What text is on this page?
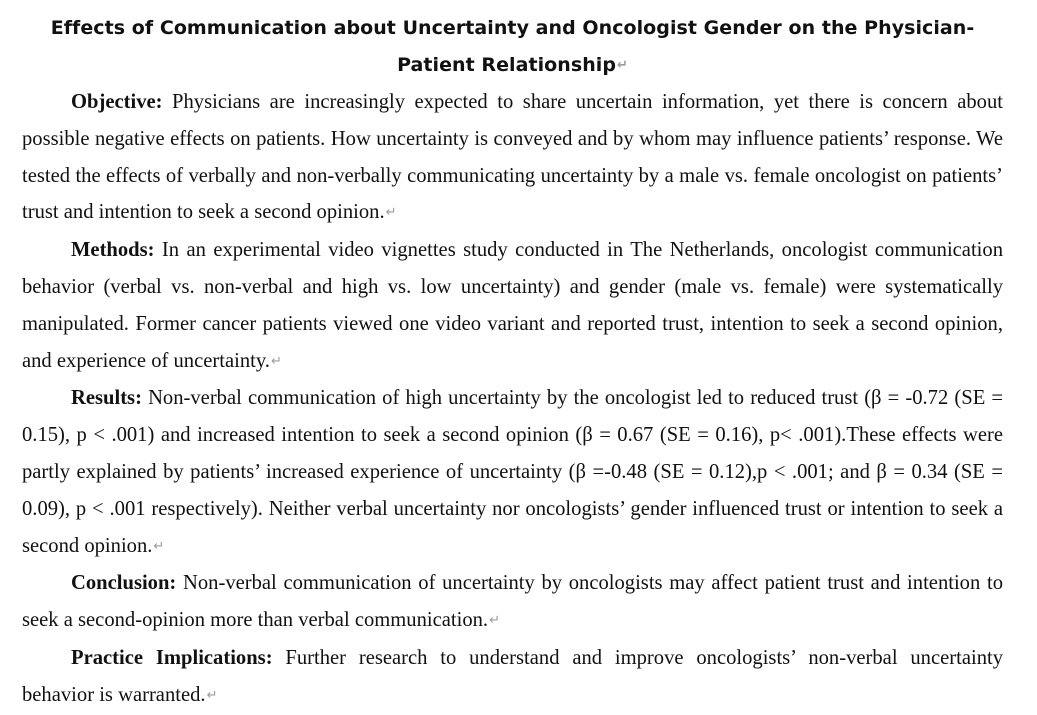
Effects of Communication about Uncertainty and Oncologist Gender on the Physician-
Patient Relationship↵

Objective: Physicians are increasingly expected to share uncertain information, yet there is concern about possible negative effects on patients. How uncertainty is conveyed and by whom may influence patients’ response. We tested the effects of verbally and non-verbally communicating uncertainty by a male vs. female oncologist on patients’ trust and intention to seek a second opinion.↵

Methods: In an experimental video vignettes study conducted in The Netherlands, oncologist communication behavior (verbal vs. non-verbal and high vs. low uncertainty) and gender (male vs. female) were systematically manipulated. Former cancer patients viewed one video variant and reported trust, intention to seek a second opinion, and experience of uncertainty.↵

Results: Non-verbal communication of high uncertainty by the oncologist led to reduced trust (β = -0.72 (SE = 0.15), p < .001) and increased intention to seek a second opinion (β = 0.67 (SE = 0.16), p< .001).These effects were partly explained by patients’ increased experience of uncertainty (β =-0.48 (SE = 0.12),p < .001; and β = 0.34 (SE = 0.09), p < .001 respectively). Neither verbal uncertainty nor oncologists’ gender influenced trust or intention to seek a second opinion.↵

Conclusion: Non-verbal communication of uncertainty by oncologists may affect patient trust and intention to seek a second-opinion more than verbal communication.↵

Practice Implications: Further research to understand and improve oncologists’ non-verbal uncertainty behavior is warranted.↵
